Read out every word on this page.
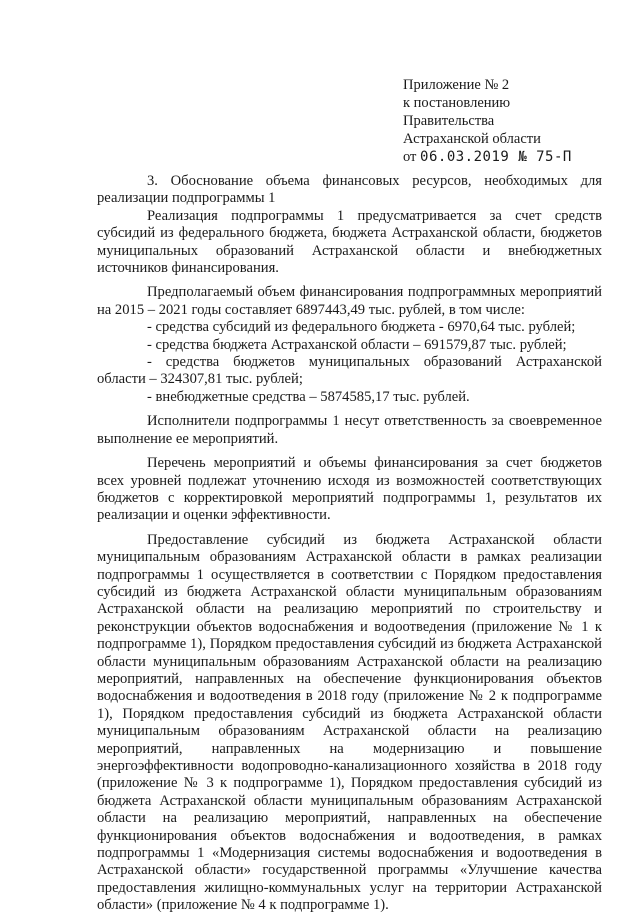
Приложение № 2
к постановлению
Правительства
Астраханской области
от 06.03.2019 № 75-П

3. Обоснование объема финансовых ресурсов, необходимых для реализации подпрограммы 1

Реализация подпрограммы 1 предусматривается за счет средств субсидий из федерального бюджета, бюджета Астраханской области, бюджетов муниципальных образований Астраханской области и внебюджетных источников финансирования.

Предполагаемый объем финансирования подпрограммных мероприятий на 2015 – 2021 годы составляет 6897443,49 тыс. рублей, в том числе:

- средства субсидий из федерального бюджета - 6970,64 тыс. рублей;

- средства бюджета Астраханской области – 691579,87 тыс. рублей;

- средства бюджетов муниципальных образований Астраханской области – 324307,81 тыс. рублей;

- внебюджетные средства – 5874585,17 тыс. рублей.

Исполнители подпрограммы 1 несут ответственность за своевременное выполнение ее мероприятий.

Перечень мероприятий и объемы финансирования за счет бюджетов всех уровней подлежат уточнению исходя из возможностей соответствующих бюджетов с корректировкой мероприятий подпрограммы 1, результатов их реализации и оценки эффективности.

Предоставление субсидий из бюджета Астраханской области муниципальным образованиям Астраханской области в рамках реализации подпрограммы 1 осуществляется в соответствии с Порядком предоставления субсидий из бюджета Астраханской области муниципальным образованиям Астраханской области на реализацию мероприятий по строительству и реконструкции объектов водоснабжения и водоотведения (приложение № 1 к подпрограмме 1), Порядком предоставления субсидий из бюджета Астраханской области муниципальным образованиям Астраханской области на реализацию мероприятий, направленных на обеспечение функционирования объектов водоснабжения и водоотведения в 2018 году (приложение № 2 к подпрограмме 1), Порядком предоставления субсидий из бюджета Астраханской области муниципальным образованиям Астраханской области на реализацию мероприятий, направленных на модернизацию и повышение энергоэффективности водопроводно-канализационного хозяйства в 2018 году (приложение № 3 к подпрограмме 1), Порядком предоставления субсидий из бюджета Астраханской области муниципальным образованиям Астраханской области на реализацию мероприятий, направленных на обеспечение функционирования объектов водоснабжения и водоотведения, в рамках подпрограммы 1 «Модернизация системы водоснабжения и водоотведения в Астраханской области» государственной программы «Улучшение качества предоставления жилищно-коммунальных услуг на территории Астраханской области» (приложение № 4 к подпрограмме 1).
